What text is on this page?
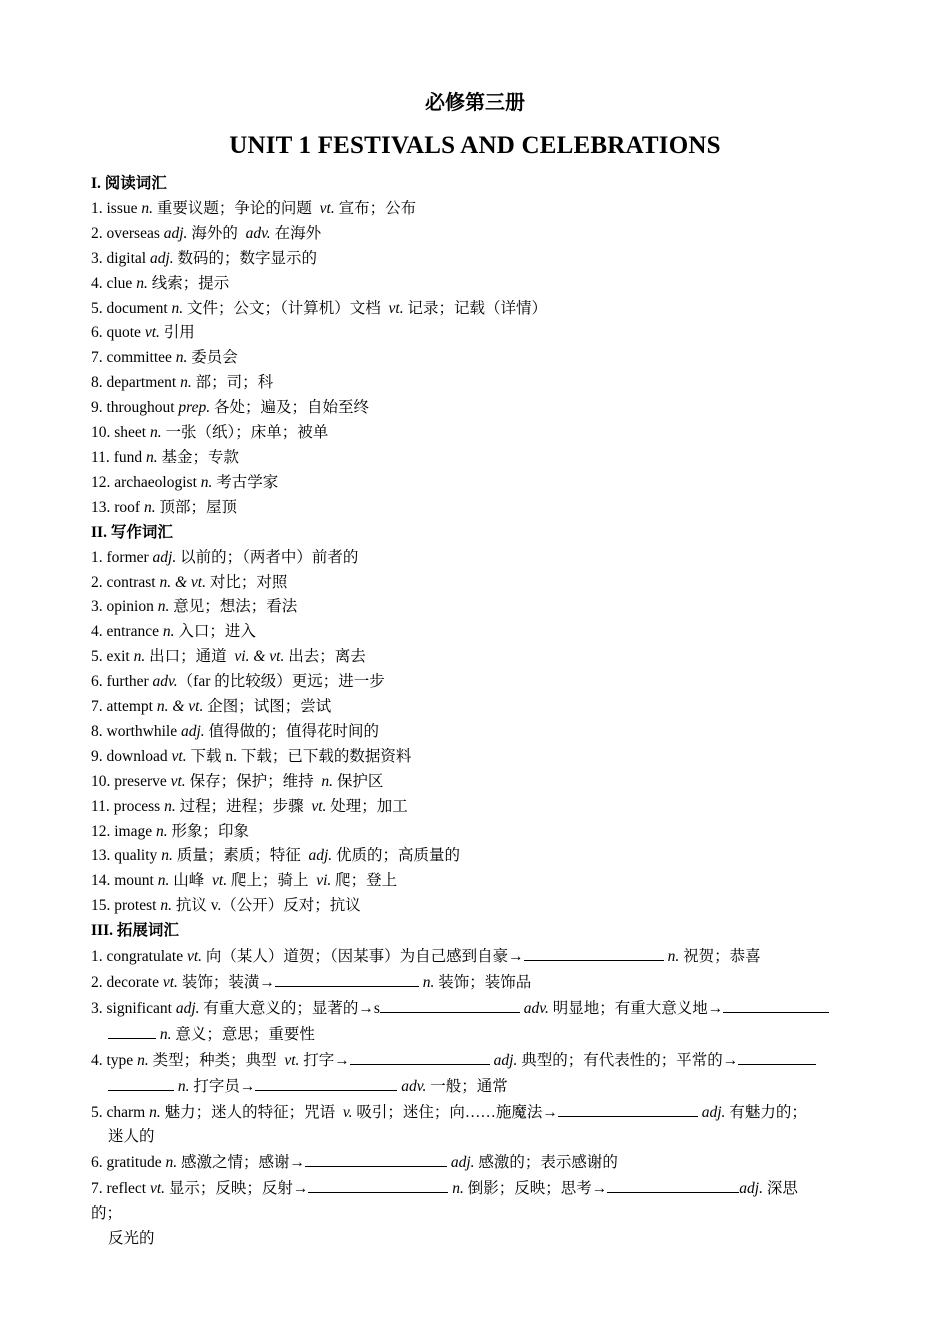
必修第三册
UNIT 1 FESTIVALS AND CELEBRATIONS
I. 阅读词汇
1. issue n. 重要议题；争论的问题 vt. 宣布；公布
2. overseas adj. 海外的 adv. 在海外
3. digital adj. 数码的；数字显示的
4. clue n. 线索；提示
5. document n. 文件；公文；（计算机）文档 vt. 记录；记载（详情）
6. quote vt. 引用
7. committee n. 委员会
8. department n. 部；司；科
9. throughout prep. 各处；遍及；自始至终
10. sheet n. 一张（纸）；床单；被单
11. fund n. 基金；专款
12. archaeologist n. 考古学家
13. roof n. 顶部；屋顶
II. 写作词汇
1. former adj. 以前的；（两者中）前者的
2. contrast n. & vt. 对比；对照
3. opinion n. 意见；想法；看法
4. entrance n. 入口；进入
5. exit n. 出口；通道 vi. & vt. 出去；离去
6. further adv.（far 的比较级）更远；进一步
7. attempt n. & vt. 企图；试图；尝试
8. worthwhile adj. 值得做的；值得花时间的
9. download vt. 下载 n. 下载；已下载的数据资料
10. preserve vt. 保存；保护；维持 n. 保护区
11. process n. 过程；进程；步骤 vt. 处理；加工
12. image n. 形象；印象
13. quality n. 质量；素质；特征 adj. 优质的；高质量的
14. mount n. 山峰 vt. 爬上；骑上 vi. 爬；登上
15. protest n. 抗议 v.（公开）反对；抗议
III. 拓展词汇
1. congratulate vt. 向（某人）道贺；（因某事）为自己感到自豪→	n. 祝贺；恭喜
2. decorate vt. 装饰；装潢→	n. 装饰；装饰品
3. significant adj. 有重大意义的；显著的→s	adv. 明显地；有重大意义地→
n. 意义；意思；重要性
4. type n. 类型；种类；典型 vt. 打字→	adj. 典型的；有代表性的；平常的→
n. 打字员→	adv. 一般；通常
5. charm n. 魅力；迷人的特征；咒语 v. 吸引；迷住；向……施魔法→	adj. 有魅力的；
迷人的
6. gratitude n. 感激之情；感谢→	adj. 感激的；表示感谢的
7. reflect vt. 显示；反映；反射→	n. 倒影；反映；思考→	adj. 深思
的；
反光的
